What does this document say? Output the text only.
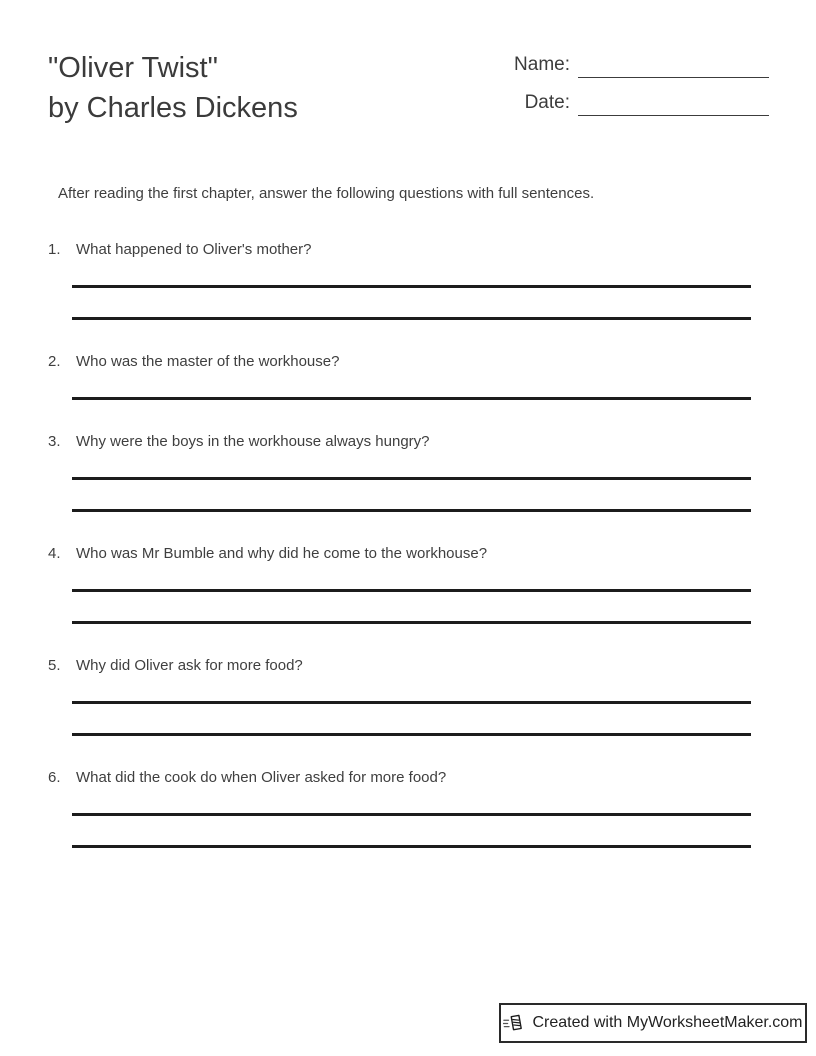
"Oliver Twist"
by Charles Dickens
Name:
Date:
After reading the first chapter, answer the following questions with full sentences.
1.	What happened to Oliver's mother?
2.	Who was the master of the workhouse?
3.	Why were the boys in the workhouse always hungry?
4.	Who was Mr Bumble and why did he come to the workhouse?
5.	Why did Oliver ask for more food?
6.	What did the cook do when Oliver asked for more food?
Created with MyWorksheetMaker.com
